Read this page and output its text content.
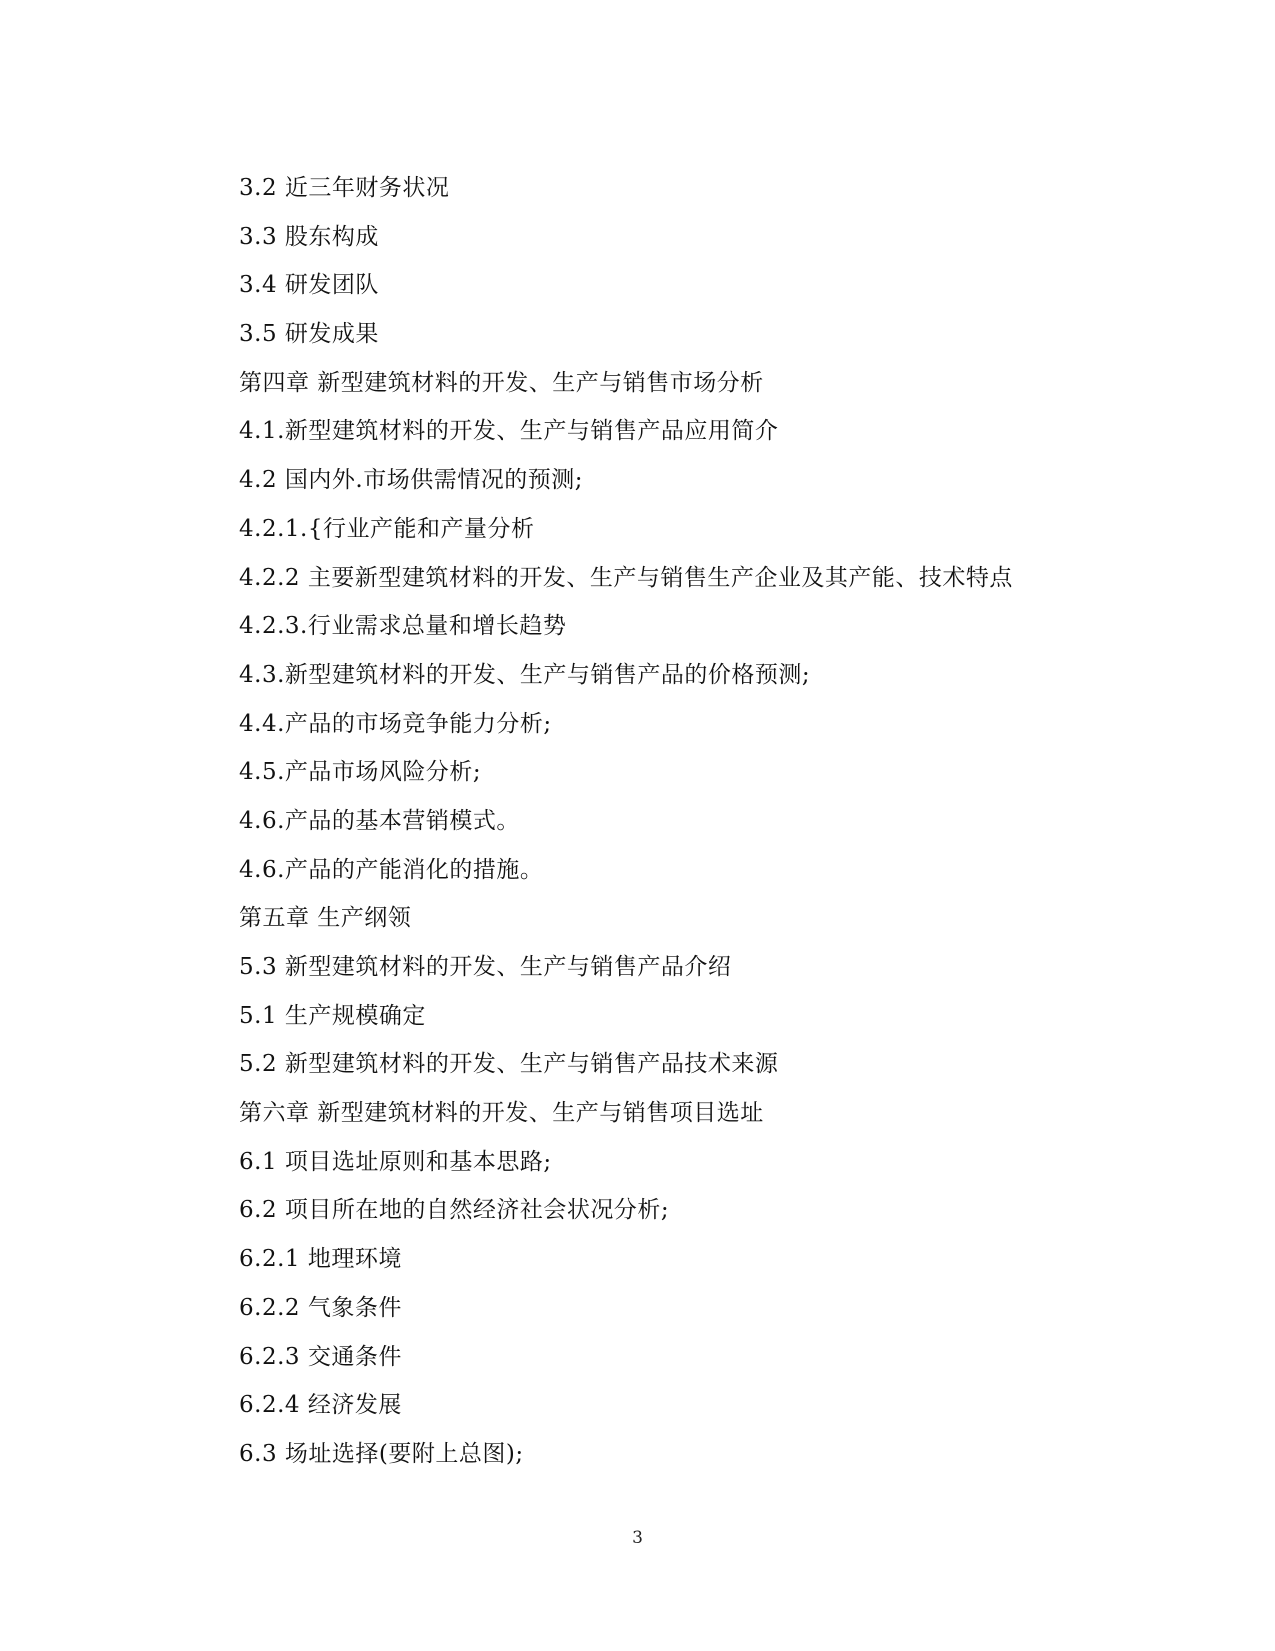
3.2 近三年财务状况
3.3 股东构成
3.4 研发团队
3.5 研发成果
第四章 新型建筑材料的开发、生产与销售市场分析
4.1.新型建筑材料的开发、生产与销售产品应用简介
4.2 国内外.市场供需情况的预测;
4.2.1.{行业产能和产量分析
4.2.2 主要新型建筑材料的开发、生产与销售生产企业及其产能、技术特点
4.2.3.行业需求总量和增长趋势
4.3.新型建筑材料的开发、生产与销售产品的价格预测;
4.4.产品的市场竞争能力分析;
4.5.产品市场风险分析;
4.6.产品的基本营销模式。
4.6.产品的产能消化的措施。
第五章 生产纲领
5.3 新型建筑材料的开发、生产与销售产品介绍
5.1 生产规模确定
5.2 新型建筑材料的开发、生产与销售产品技术来源
第六章 新型建筑材料的开发、生产与销售项目选址
6.1 项目选址原则和基本思路;
6.2 项目所在地的自然经济社会状况分析;
6.2.1 地理环境
6.2.2 气象条件
6.2.3 交通条件
6.2.4 经济发展
6.3 场址选择(要附上总图);
3
